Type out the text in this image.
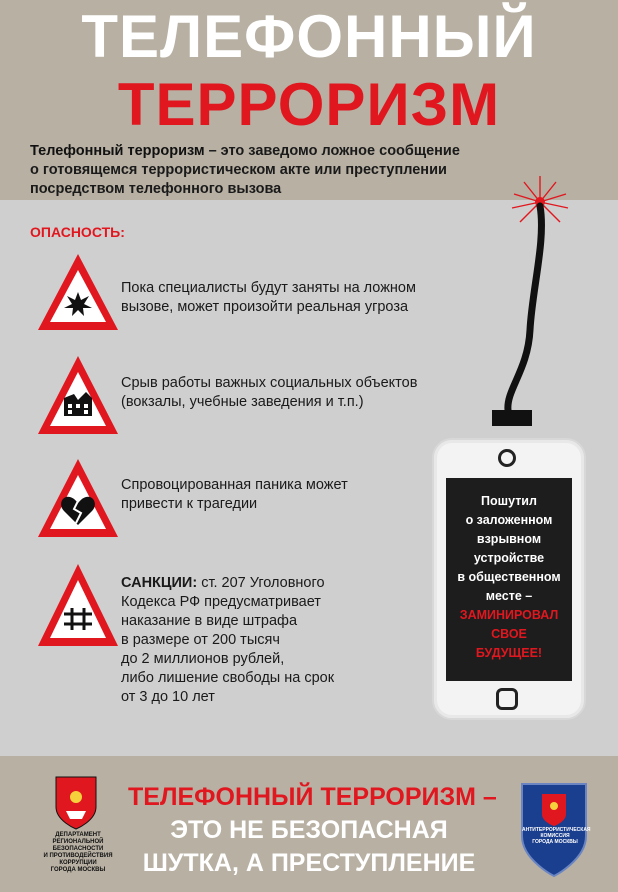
ТЕЛЕФОННЫЙ
ТЕРРОРИЗМ
Телефонный терроризм – это заведомо ложное сообщение о готовящемся террористическом акте или преступлении посредством телефонного вызова
ОПАСНОСТЬ:
Пока специалисты будут заняты на ложном
вызове, может произойти реальная угроза
Срыв работы важных социальных объектов
(вокзалы, учебные заведения и т.п.)
Спровоцированная паника может
привести к трагедии
САНКЦИИ: ст. 207 Уголовного
Кодекса РФ предусматривает
наказание в виде штрафа
в размере от 200 тысяч
до 2 миллионов рублей,
либо лишение свободы на срок
от 3 до 10 лет
Пошутил
о заложенном
взрывном
устройстве
в общественном
месте –
ЗАМИНИРОВАЛ
СВОЕ
БУДУЩЕЕ!
ДЕПАРТАМЕНТ РЕГИОНАЛЬНОЙ
БЕЗОПАСНОСТИ
И ПРОТИВОДЕЙСТВИЯ
КОРРУПЦИИ
ГОРОДА МОСКВЫ
ТЕЛЕФОННЫЙ ТЕРРОРИЗМ –
ЭТО НЕ БЕЗОПАСНАЯ
ШУТКА, А ПРЕСТУПЛЕНИЕ
АНТИТЕРРОРИСТИЧЕСКАЯ
КОМИССИЯ
ГОРОДА МОСКВЫ
